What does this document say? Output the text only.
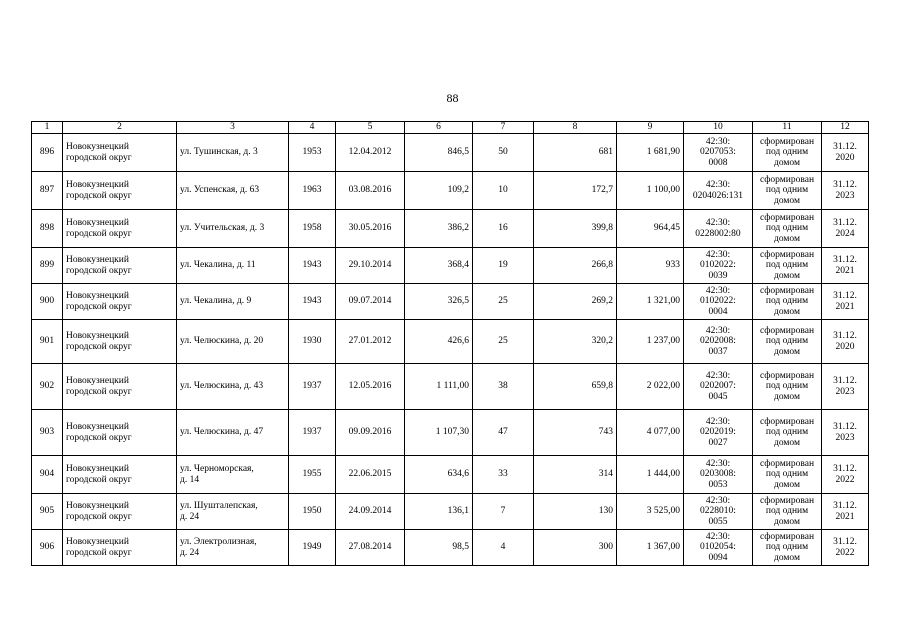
88
1	2	3	4	5	6	7	8	9	10	11	12
896	Новокузнецкий
городской округ	ул. Тушинская, д. 3	1953	12.04.2012	846,5	50	681	1 681,90	42:30:
0207053:
0008	сформирован
под одним
домом	31.12.
2020

897	Новокузнецкий
городской округ	ул. Успенская, д. 63	1963	03.08.2016	109,2	10	172,7	1 100,00	42:30:
0204026:131	сформирован
под одним
домом	31.12.
2023

898	Новокузнецкий
городской округ	ул. Учительская, д. 3	1958	30.05.2016	386,2	16	399,8	964,45	42:30:
0228002:80	сформирован
под одним
домом	31.12.
2024

899	Новокузнецкий
городской округ	ул. Чекалина, д. 11	1943	29.10.2014	368,4	19	266,8	933	42:30:
0102022:
0039	сформирован
под одним
домом	31.12.
2021

900	Новокузнецкий
городской округ	ул. Чекалина, д. 9	1943	09.07.2014	326,5	25	269,2	1 321,00	42:30:
0102022:
0004	сформирован
под одним
домом	31.12.
2021

901	Новокузнецкий
городской округ	ул. Челюскина, д. 20	1930	27.01.2012	426,6	25	320,2	1 237,00	42:30:
0202008:
0037	сформирован
под одним
домом	31.12.
2020

902	Новокузнецкий
городской округ	ул. Челюскина, д. 43	1937	12.05.2016	1 111,00	38	659,8	2 022,00	42:30:
0202007:
0045	сформирован
под одним
домом	31.12.
2023

903	Новокузнецкий
городской округ	ул. Челюскина, д. 47	1937	09.09.2016	1 107,30	47	743	4 077,00	42:30:
0202019:
0027	сформирован
под одним
домом	31.12.
2023

904	Новокузнецкий
городской округ	ул. Черноморская,
д. 14	1955	22.06.2015	634,6	33	314	1 444,00	42:30:
0203008:
0053	сформирован
под одним
домом	31.12.
2022

905	Новокузнецкий
городской округ	ул. Шушталепская,
д. 24	1950	24.09.2014	136,1	7	130	3 525,00	42:30:
0228010:
0055	сформирован
под одним
домом	31.12.
2021

906	Новокузнецкий
городской округ	ул. Электролизная,
д. 24	1949	27.08.2014	98,5	4	300	1 367,00	42:30:
0102054:
0094	сформирован
под одним
домом	31.12.
2022
